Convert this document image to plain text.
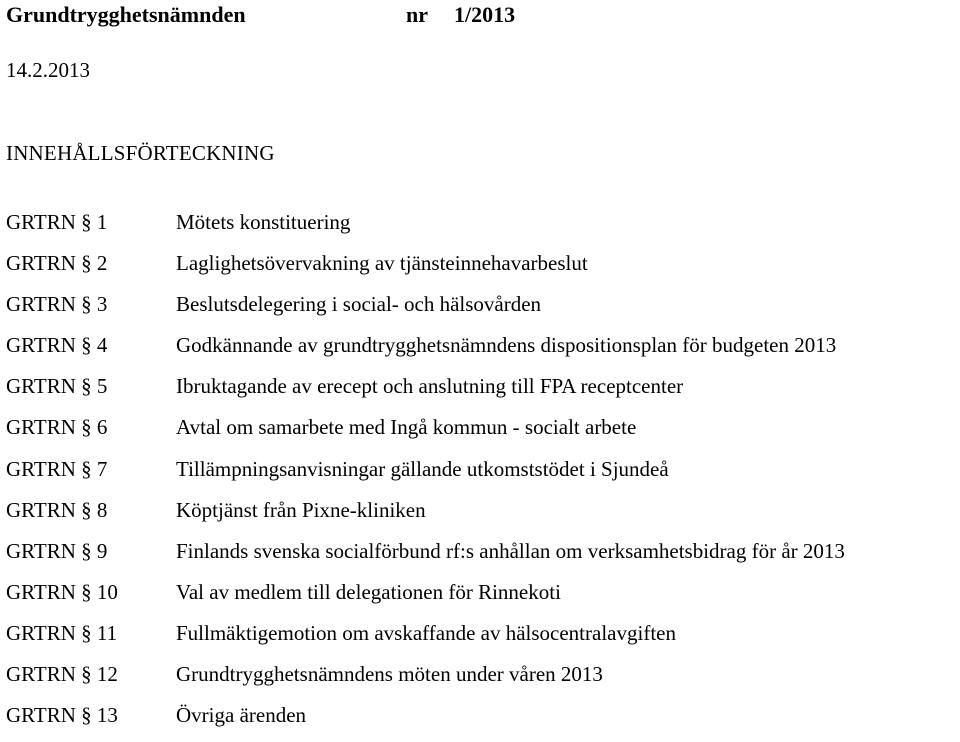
Grundtrygghetsnämnden	nr 1/2013
14.2.2013
INNEHÅLLSFÖRTECKNING
GRTRN § 1	Mötets konstituering
GRTRN § 2	Laglighetsövervakning av tjänsteinnehavarbeslut
GRTRN § 3	Beslutsdelegering i social- och hälsovården
GRTRN § 4	Godkännande av grundtrygghetsnämndens dispositionsplan för budgeten 2013
GRTRN § 5	Ibruktagande av erecept och anslutning till FPA receptcenter
GRTRN § 6	Avtal om samarbete med Ingå kommun - socialt arbete
GRTRN § 7	Tillämpningsanvisningar gällande utkomststödet i Sjundeå
GRTRN § 8	Köptjänst från Pixne-kliniken
GRTRN § 9	Finlands svenska socialförbund rf:s anhållan om verksamhetsbidrag för år 2013
GRTRN § 10	Val av medlem till delegationen för Rinnekoti
GRTRN § 11	Fullmäktigemotion om avskaffande av hälsocentralavgiften
GRTRN § 12	Grundtrygghetsnämndens möten under våren 2013
GRTRN § 13	Övriga ärenden
